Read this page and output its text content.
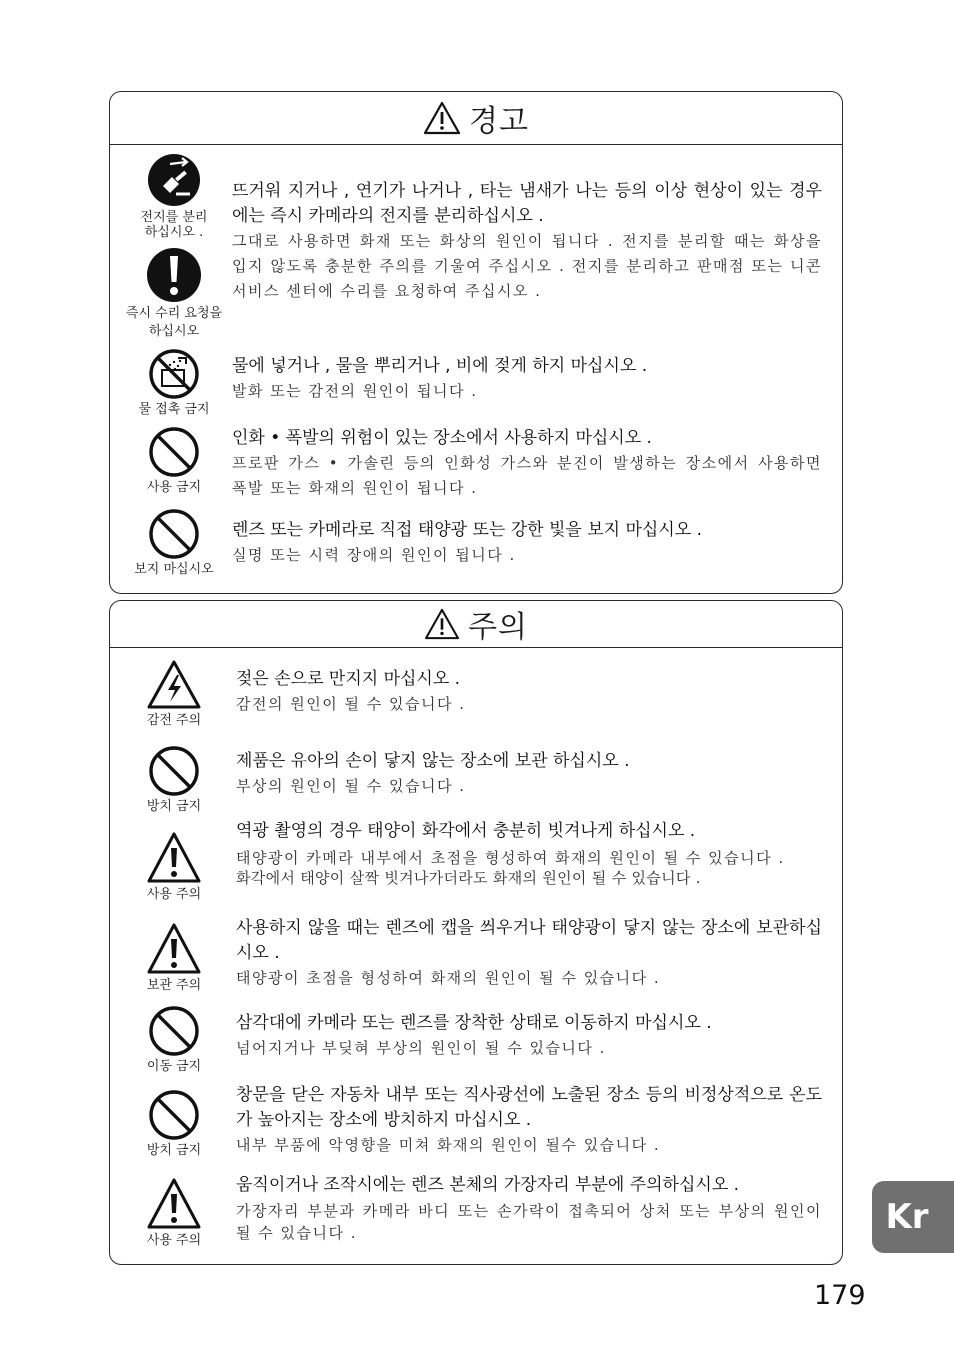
경고
전지를 분리
하십시오 .
즉시 수리 요청을
하십시오
뜨거워 지거나 , 연기가 나거나 , 타는 냄새가 나는 등의 이상 현상이 있는 경우에는 즉시 카메라의 전지를 분리하십시오 .
그대로 사용하면 화재 또는 화상의 원인이 됩니다 . 전지를 분리할 때는 화상을 입지 않도록 충분한 주의를 기울여 주십시오 . 전지를 분리하고 판매점 또는 니콘 서비스 센터에 수리를 요청하여 주십시오 .
물 접촉 금지
물에 넣거나 , 물을 뿌리거나 , 비에 젖게 하지 마십시오 .
발화 또는 감전의 원인이 됩니다 .
사용 금지
인화 • 폭발의 위험이 있는 장소에서 사용하지 마십시오 .
프로판 가스 • 가솔린 등의 인화성 가스와 분진이 발생하는 장소에서 사용하면 폭발 또는 화재의 원인이 됩니다 .
보지 마십시오
렌즈 또는 카메라로 직접 태양광 또는 강한 빛을 보지 마십시오 .
실명 또는 시력 장애의 원인이 됩니다 .
주의
감전 주의
젖은 손으로 만지지 마십시오 .
감전의 원인이 될 수 있습니다 .
방치 금지
제품은 유아의 손이 닿지 않는 장소에 보관 하십시오 .
부상의 원인이 될 수 있습니다 .
사용 주의
역광 촬영의 경우 태양이 화각에서 충분히 빗겨나게 하십시오 .
태양광이 카메라 내부에서 초점을 형성하여 화재의 원인이 될 수 있습니다 .
화각에서 태양이 살짝 빗겨나가더라도 화재의 원인이 될 수 있습니다 .
보관 주의
사용하지 않을 때는 렌즈에 캡을 씌우거나 태양광이 닿지 않는 장소에 보관하십시오 .
태양광이 초점을 형성하여 화재의 원인이 될 수 있습니다 .
이동 금지
삼각대에 카메라 또는 렌즈를 장착한 상태로 이동하지 마십시오 .
넘어지거나 부딪혀 부상의 원인이 될 수 있습니다 .
방치 금지
창문을 닫은 자동차 내부 또는 직사광선에 노출된 장소 등의 비정상적으로 온도가 높아지는 장소에 방치하지 마십시오 .
내부 부품에 악영향을 미쳐 화재의 원인이 될수 있습니다 .
사용 주의
움직이거나 조작시에는 렌즈 본체의 가장자리 부분에 주의하십시오 .
가장자리 부분과 카메라 바디 또는 손가락이 접촉되어 상처 또는 부상의 원인이 될 수 있습니다 .	Kr
179
